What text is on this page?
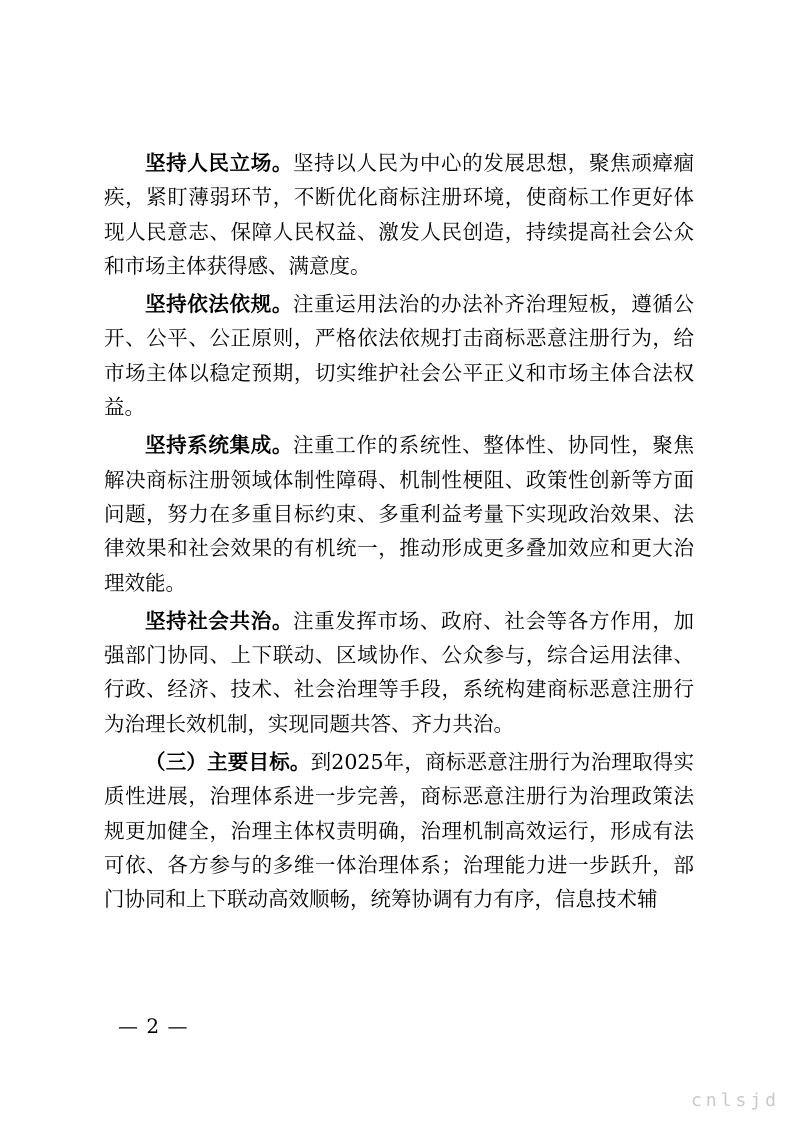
坚持人民立场。坚持以人民为中心的发展思想，聚焦顽瘴痼疾，紧盯薄弱环节，不断优化商标注册环境，使商标工作更好体现人民意志、保障人民权益、激发人民创造，持续提高社会公众和市场主体获得感、满意度。

坚持依法依规。注重运用法治的办法补齐治理短板，遵循公开、公平、公正原则，严格依法依规打击商标恶意注册行为，给市场主体以稳定预期，切实维护社会公平正义和市场主体合法权益。

坚持系统集成。注重工作的系统性、整体性、协同性，聚焦解决商标注册领域体制性障碍、机制性梗阻、政策性创新等方面问题，努力在多重目标约束、多重利益考量下实现政治效果、法律效果和社会效果的有机统一，推动形成更多叠加效应和更大治理效能。

坚持社会共治。注重发挥市场、政府、社会等各方作用，加强部门协同、上下联动、区域协作、公众参与，综合运用法律、行政、经济、技术、社会治理等手段，系统构建商标恶意注册行为治理长效机制，实现同题共答、齐力共治。

（三）主要目标。到2025年，商标恶意注册行为治理取得实质性进展，治理体系进一步完善，商标恶意注册行为治理政策法规更加健全，治理主体权责明确，治理机制高效运行，形成有法可依、各方参与的多维一体治理体系；治理能力进一步跃升，部门协同和上下联动高效顺畅，统筹协调有力有序，信息技术辅

— 2 —
cnlsjd
